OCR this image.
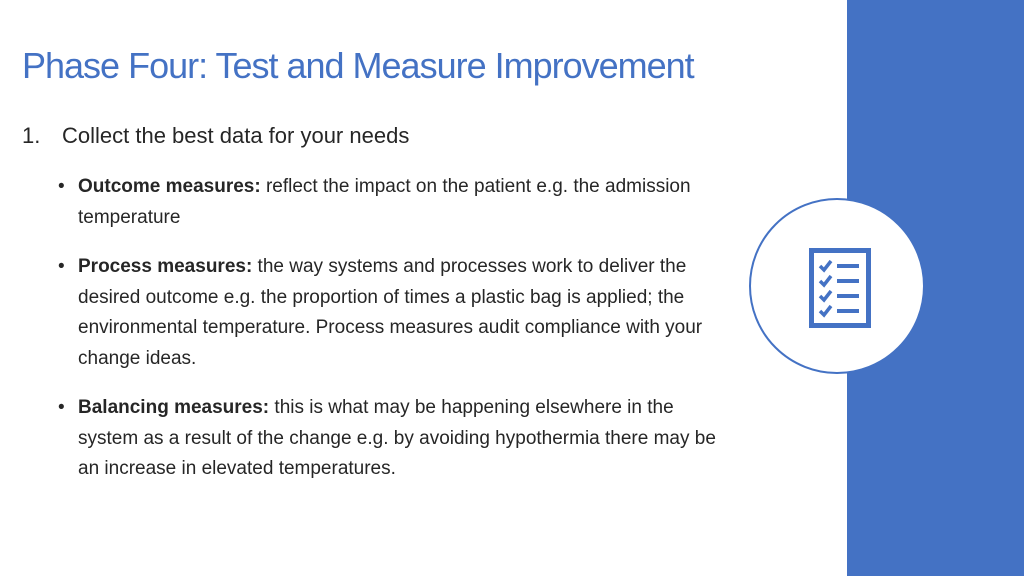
Phase Four: Test and Measure Improvement
1. Collect the best data for your needs
• Outcome measures: reflect the impact on the patient e.g. the admission temperature
• Process measures: the way systems and processes work to deliver the desired outcome e.g. the proportion of times a plastic bag is applied; the environmental temperature. Process measures audit compliance with your change ideas.
• Balancing measures: this is what may be happening elsewhere in the system as a result of the change e.g. by avoiding hypothermia there may be an increase in elevated temperatures.
